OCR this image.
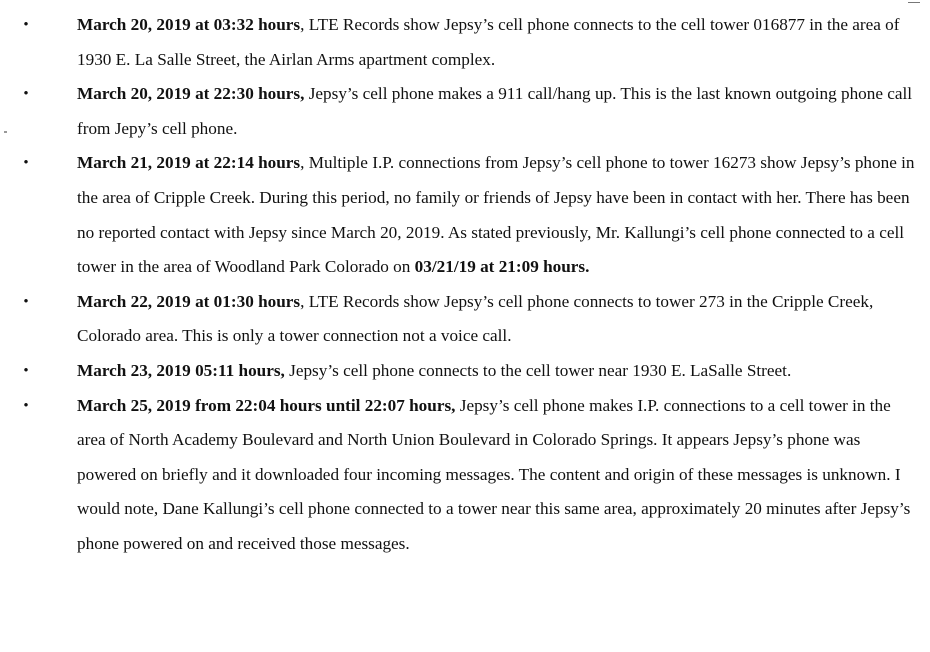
•	March 20, 2019 at 03:32 hours, LTE Records show Jepsy’s cell phone connects to the cell tower 016877 in the area of 1930 E. La Salle Street, the Airlan Arms apartment complex.
•	March 20, 2019 at 22:30 hours, Jepsy’s cell phone makes a 911 call/hang up. This is the last known outgoing phone call from Jepy’s cell phone.
•	March 21, 2019 at 22:14 hours, Multiple I.P. connections from Jepsy’s cell phone to tower 16273 show Jepsy’s phone in the area of Cripple Creek. During this period, no family or friends of Jepsy have been in contact with her. There has been no reported contact with Jepsy since March 20, 2019. As stated previously, Mr. Kallungi’s cell phone connected to a cell tower in the area of Woodland Park Colorado on 03/21/19 at 21:09 hours.
•	March 22, 2019 at 01:30 hours, LTE Records show Jepsy’s cell phone connects to tower 273 in the Cripple Creek, Colorado area. This is only a tower connection not a voice call.
•	March 23, 2019 05:11 hours, Jepsy’s cell phone connects to the cell tower near 1930 E. LaSalle Street.
•	March 25, 2019 from 22:04 hours until 22:07 hours, Jepsy’s cell phone makes I.P. connections to a cell tower in the area of North Academy Boulevard and North Union Boulevard in Colorado Springs. It appears Jepsy’s phone was powered on briefly and it downloaded four incoming messages. The content and origin of these messages is unknown. I would note, Dane Kallungi’s cell phone connected to a tower near this same area, approximately 20 minutes after Jepsy’s phone powered on and received those messages.
